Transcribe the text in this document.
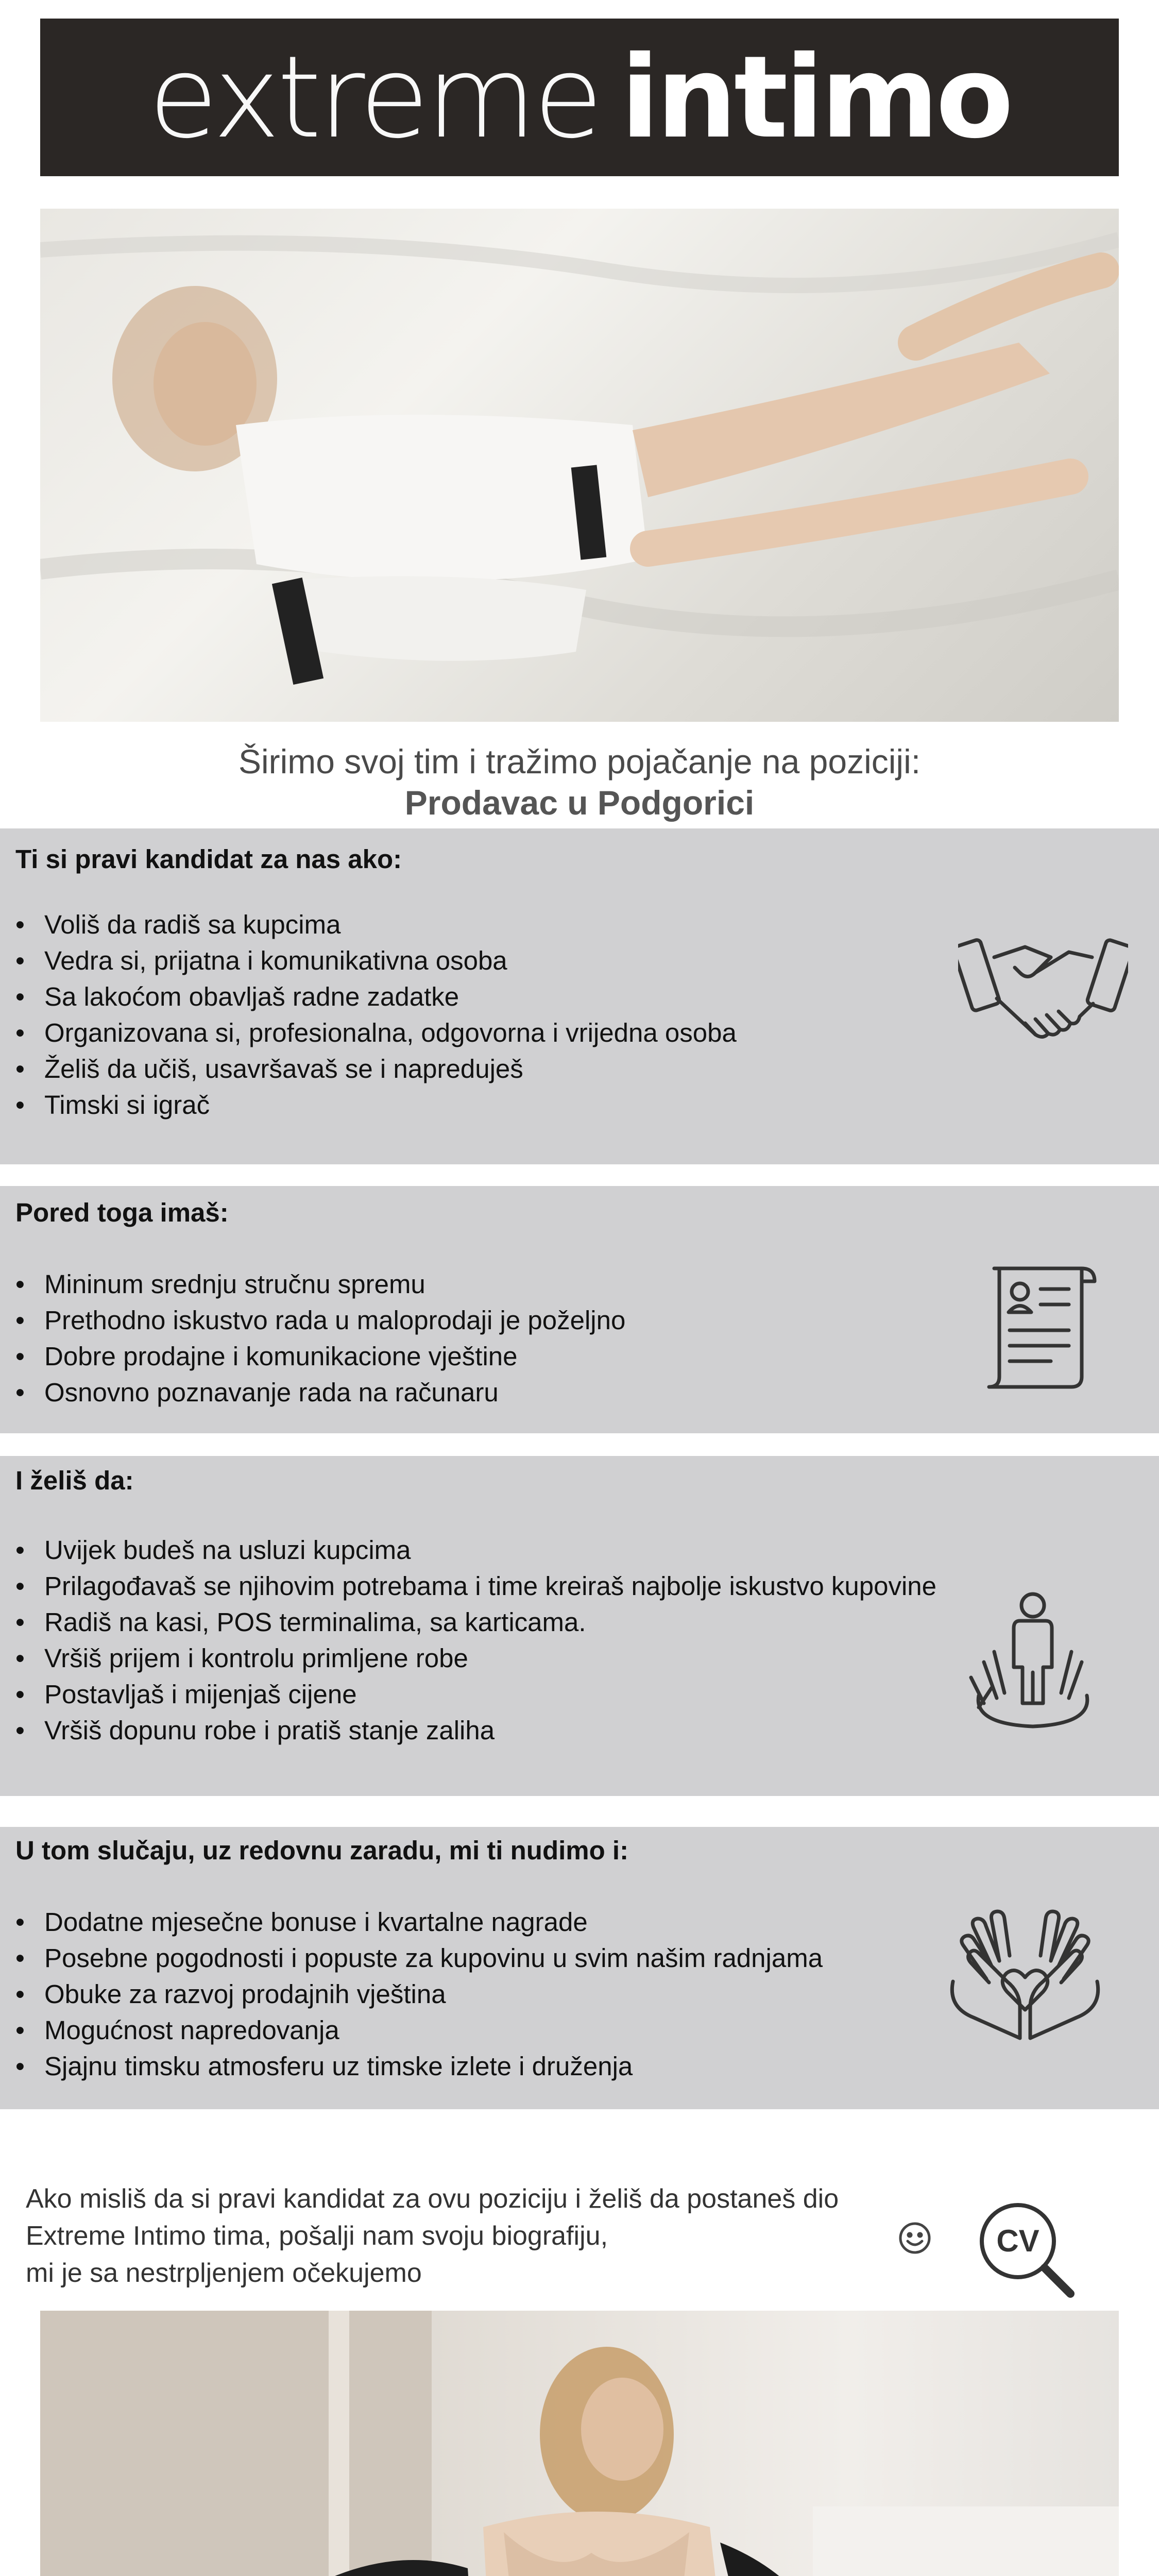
extreme intimo
Širimo svoj tim i tražimo pojačanje na poziciji:
Prodavac u Podgorici
Ti si pravi kandidat za nas ako:
• Voliš da radiš sa kupcima
• Vedra si, prijatna i komunikativna osoba
• Sa lakoćom obavljaš radne zadatke
• Organizovana si, profesionalna, odgovorna i vrijedna osoba
• Želiš da učiš, usavršavaš se i napreduješ
• Timski si igrač
Pored toga imaš:
• Mininum srednju stručnu spremu
• Prethodno iskustvo rada u maloprodaji je poželjno
• Dobre prodajne i komunikacione vještine
• Osnovno poznavanje rada na računaru
I želiš da:
• Uvijek budeš na usluzi kupcima
• Prilagođavaš se njihovim potrebama i time kreiraš najbolje iskustvo kupovine
• Radiš na kasi, POS terminalima, sa karticama.
• Vršiš prijem i kontrolu primljene robe
• Postavljaš i mijenjaš cijene
• Vršiš dopunu robe i pratiš stanje zaliha
U tom slučaju, uz redovnu zaradu, mi ti nudimo i:
• Dodatne mjesečne bonuse i kvartalne nagrade
• Posebne pogodnosti i popuste za kupovinu u svim našim radnjama
• Obuke za razvoj prodajnih vještina
• Mogućnost napredovanja
• Sjajnu timsku atmosferu uz timske izlete i druženja
Ako misliš da si pravi kandidat za ovu poziciju i želiš da postaneš dio
Extreme Intimo tima, pošalji nam svoju biografiju,
mi je sa nestrpljenjem očekujemo
CV
